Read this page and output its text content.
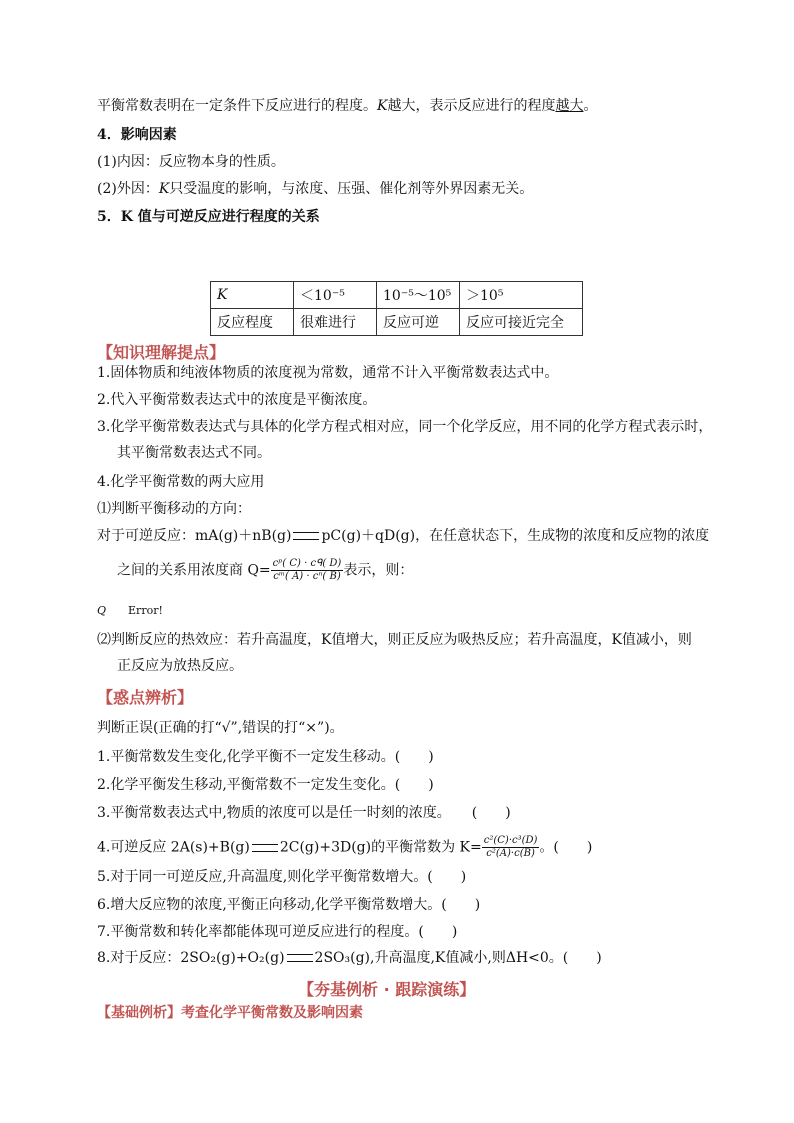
平衡常数表明在一定条件下反应进行的程度。K越大，表示反应进行的程度越大。
4．影响因素
(1)内因：反应物本身的性质。
(2)外因：K只受温度的影响，与浓度、压强、催化剂等外界因素无关。
5．K 值与可逆反应进行程度的关系
K	＜10⁻⁵	10⁻⁵～10⁵	＞10⁵
反应程度	很难进行	反应可逆	反应可接近完全
【知识理解提点】
1.固体物质和纯液体物质的浓度视为常数，通常不计入平衡常数表达式中。
2.代入平衡常数表达式中的浓度是平衡浓度。
3.化学平衡常数表达式与具体的化学方程式相对应，同一个化学反应，用不同的化学方程式表示时，
其平衡常数表达式不同。
4.化学平衡常数的两大应用
⑴判断平衡移动的方向：
对于可逆反应：mA(g)＋nB(g) pC(g)＋qD(g)，在任意状态下，生成物的浓度和反应物的浓度
之间的关系用浓度商 $Q= \frac{\text{cᵖ( C) · cᑫ( D)}}{\text{cᵐ( A) · cⁿ( B)}}$ 表示，则：
Q Error!
⑵判断反应的热效应：若升高温度，K值增大，则正反应为吸热反应；若升高温度，K值减小，则
正反应为放热反应。
【惑点辨析】
判断正误(正确的打“√”,错误的打“×”)。
1.平衡常数发生变化,化学平衡不一定发生移动。(　　)
2.化学平衡发生移动,平衡常数不一定发生变化。(　　)
3.平衡常数表达式中,物质的浓度可以是任一时刻的浓度。　　(　　)
4.可逆反应 2A(s)+B(g) 2C(g)+3D(g)的平衡常数为 $K= \frac{\text{c²(C)·c³(D)}}{\text{c²(A)·c(B)}}$ 。(　　)
5.对于同一可逆反应,升高温度,则化学平衡常数增大。(　　)
6.增大反应物的浓度,平衡正向移动,化学平衡常数增大。(　　)
7.平衡常数和转化率都能体现可逆反应进行的程度。(　　)
8.对于反应：2SO₂(g)+O₂(g) 2SO₃(g),升高温度,K值减小,则ΔH<0。(　　)
【夯基例析 · 跟踪演练】
【基础例析】考查化学平衡常数及影响因素
